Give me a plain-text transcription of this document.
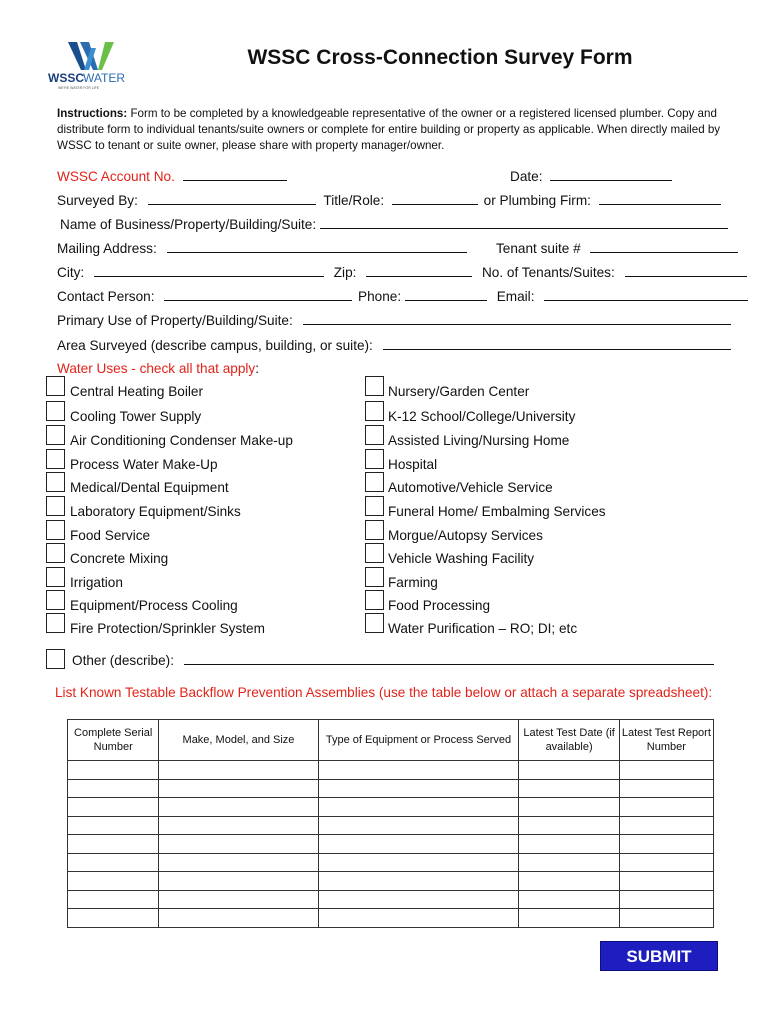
WSSC WATER
WE'RE WATER FOR LIFE
WSSC Cross-Connection Survey Form
Instructions: Form to be completed by a knowledgeable representative of the owner or a registered licensed plumber. Copy and distribute form to individual tenants/suite owners or complete for entire building or property as applicable. When directly mailed by WSSC to tenant or suite owner, please share with property manager/owner.
WSSC Account No.	Date:
Surveyed By:	Title/Role:	or Plumbing Firm:
Name of Business/Property/Building/Suite:
Mailing Address:	Tenant suite #
City:	Zip:	No. of Tenants/Suites:
Contact Person:	Phone:	Email:
Primary Use of Property/Building/Suite:
Area Surveyed (describe campus, building, or suite):
Water Uses - check all that apply:
Central Heating Boiler
Cooling Tower Supply
Air Conditioning Condenser Make-up
Process Water Make-Up
Medical/Dental Equipment
Laboratory Equipment/Sinks
Food Service
Concrete Mixing
Irrigation
Equipment/Process Cooling
Fire Protection/Sprinkler System
Nursery/Garden Center
K-12 School/College/University
Assisted Living/Nursing Home
Hospital
Automotive/Vehicle Service
Funeral Home/ Embalming Services
Morgue/Autopsy Services
Vehicle Washing Facility
Farming
Food Processing
Water Purification – RO; DI; etc
Other (describe):
List Known Testable Backflow Prevention Assemblies (use the table below or attach a separate spreadsheet):
Complete Serial Number	Make, Model, and Size	Type of Equipment or Process Served	Latest Test Date (if available)	Latest Test Report Number

SUBMIT
